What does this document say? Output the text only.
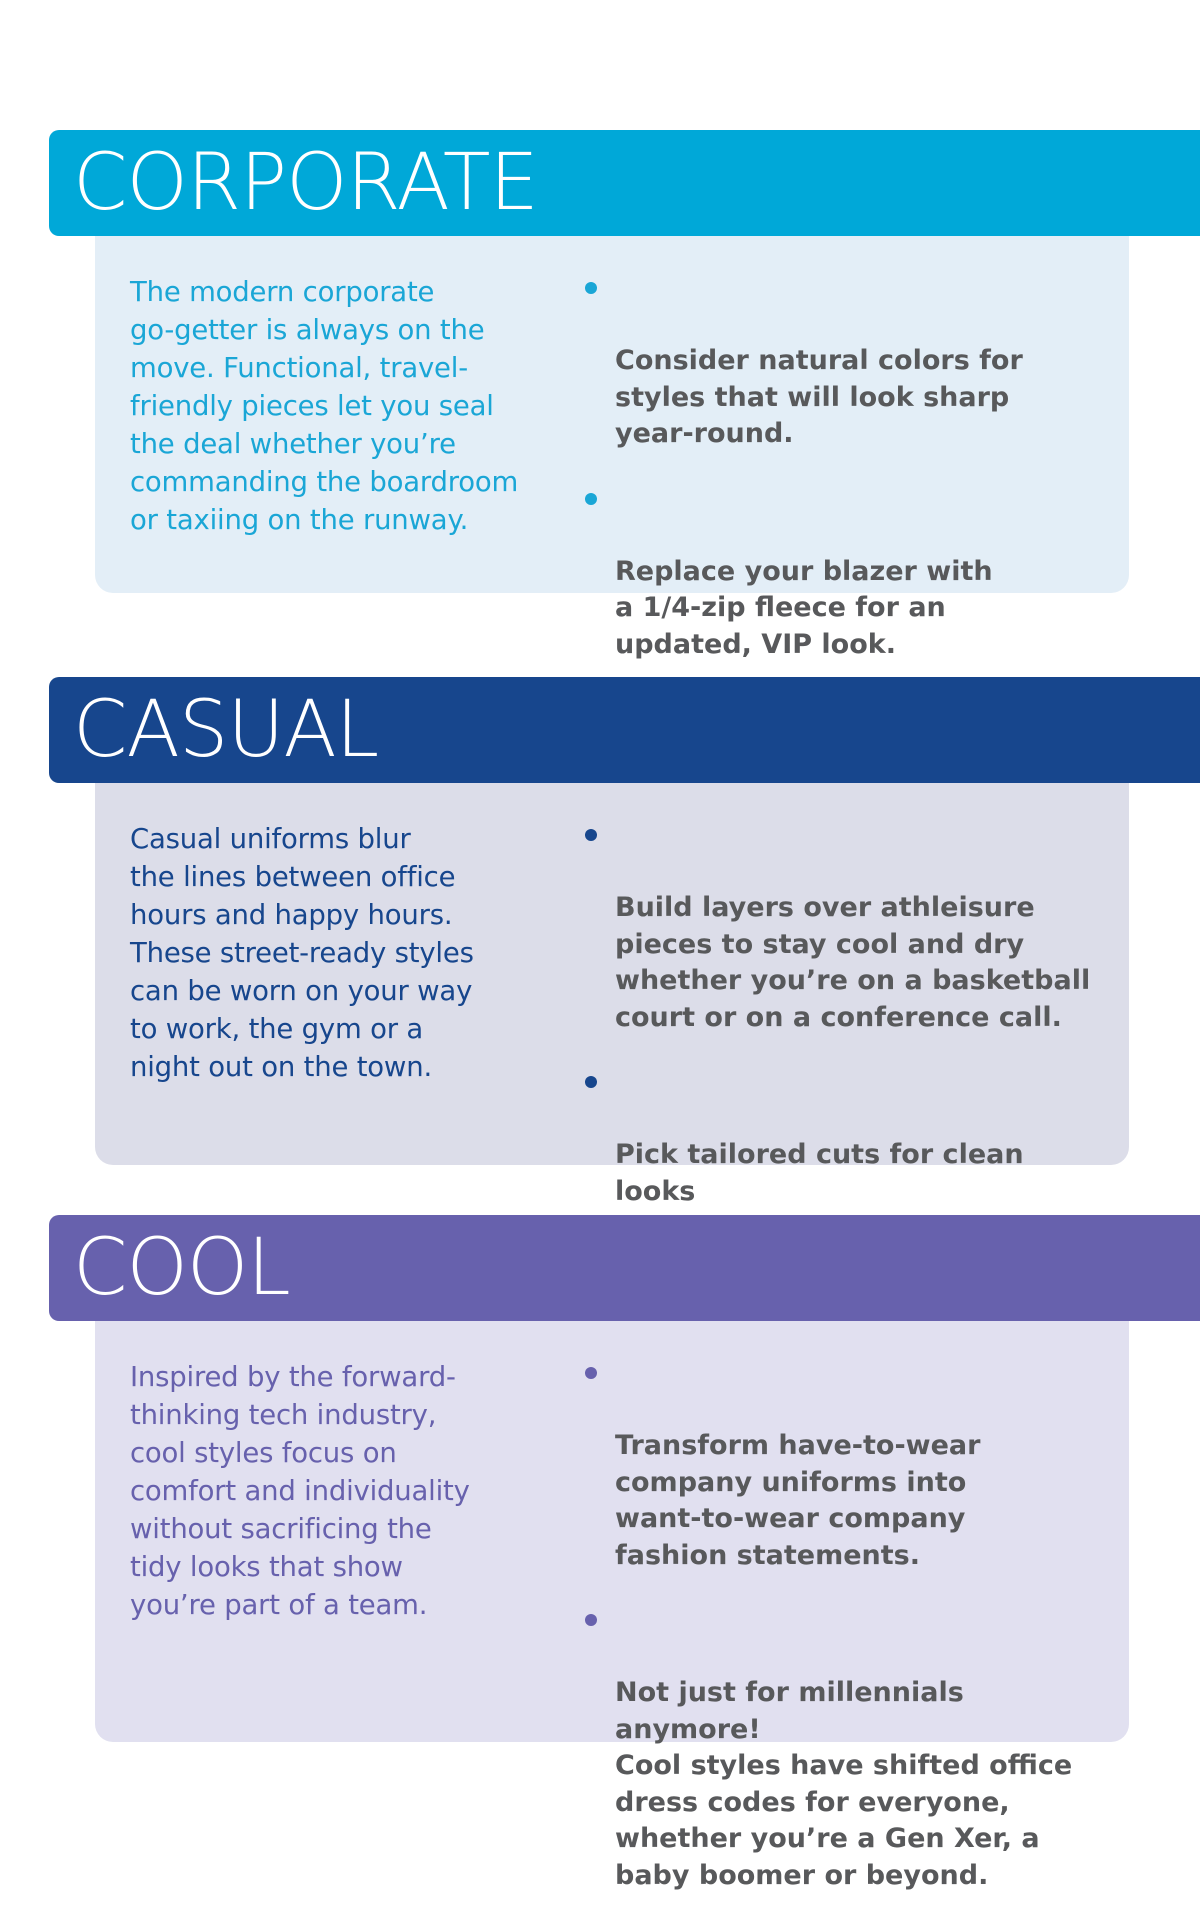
CORPORATE

The modern corporate
go-getter is always on the
move. Functional, travel-
friendly pieces let you seal
the deal whether you’re
commanding the boardroom
or taxiing on the runway.

Consider natural colors for
styles that will look sharp
year-round.

Replace your blazer with
a 1/4-zip fleece for an
updated, VIP look.

CASUAL

Casual uniforms blur
the lines between office
hours and happy hours.
These street-ready styles
can be worn on your way
to work, the gym or a
night out on the town.

Build layers over athleisure
pieces to stay cool and dry
whether you’re on a basketball
court or on a conference call.

Pick tailored cuts for clean looks

COOL

Inspired by the forward-
thinking tech industry,
cool styles focus on
comfort and individuality
without sacrificing the
tidy looks that show
you’re part of a team.

Transform have-to-wear
company uniforms into
want-to-wear company
fashion statements.

Not just for millennials anymore!
Cool styles have shifted office
dress codes for everyone,
whether you’re a Gen Xer, a
baby boomer or beyond.
